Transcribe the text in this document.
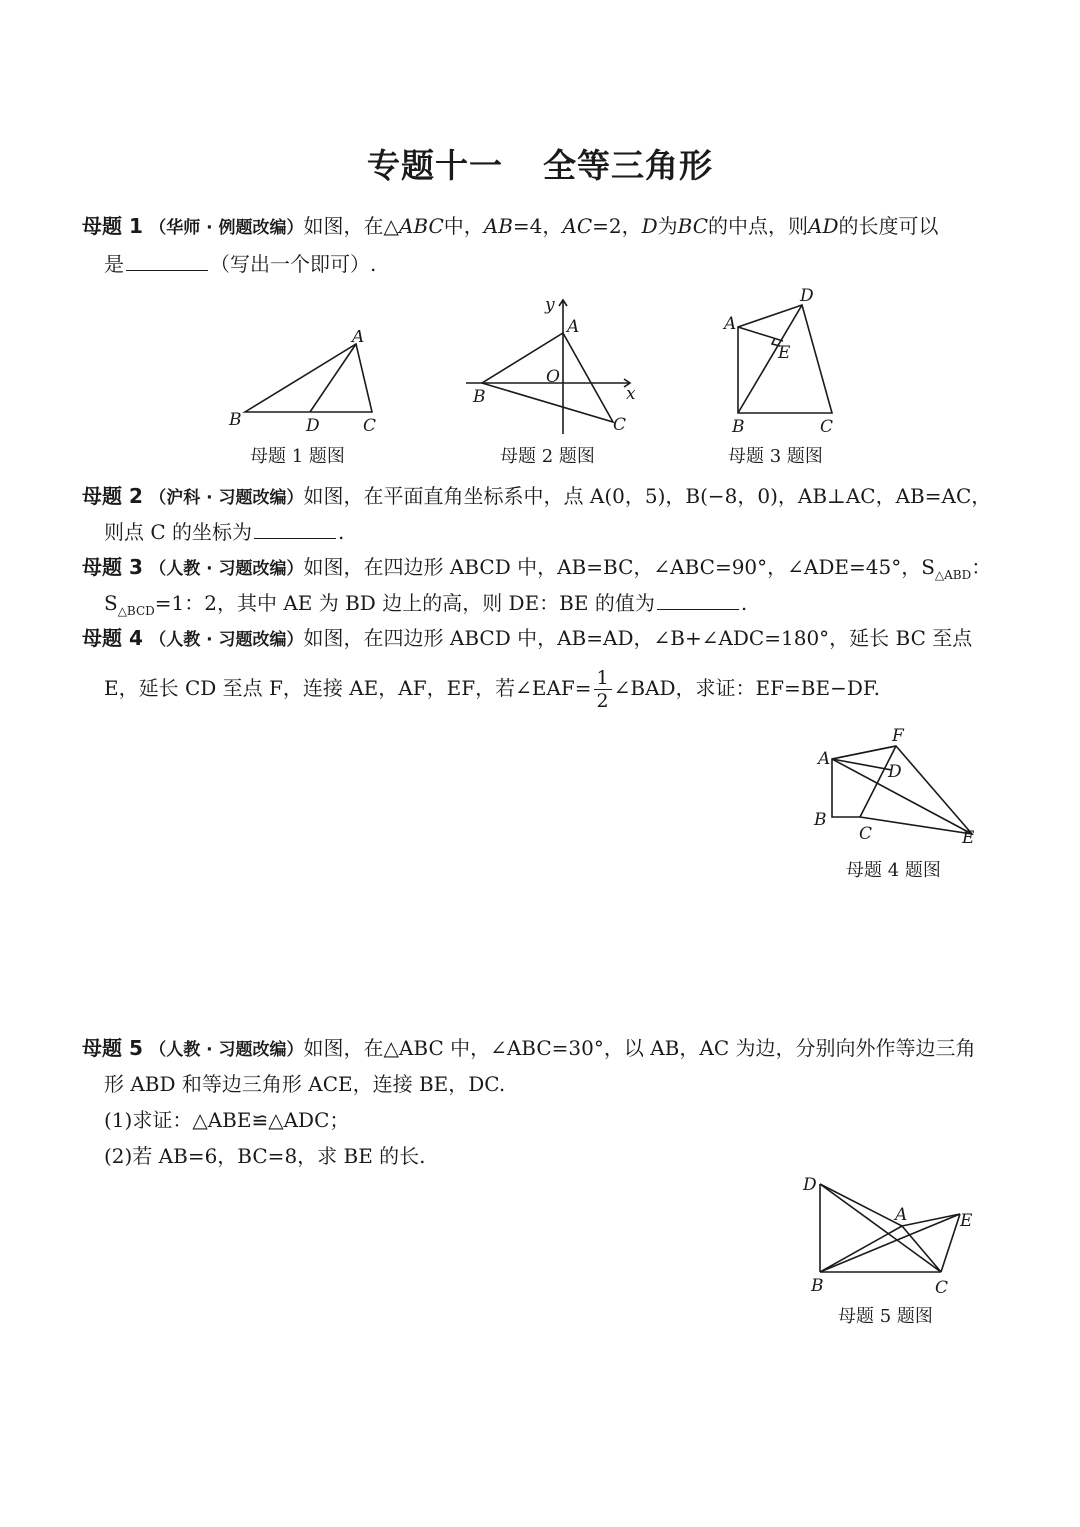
专题十一 全等三角形
母题 1 （华师 · 例题改编）如图，在△ABC中，AB=4，AC=2，D为BC的中点，则AD的长度可以
是	（写出一个即可）.
A
B	C
D
母题 1 题图
A
B
C
O
x
y
母题 2 题图
A
D
E
B	C
母题 3 题图
母题 2 （沪科 · 习题改编）如图，在平面直角坐标系中，点 A(0，5)，B(−8，0)，AB⊥AC，AB=AC，
则点 C 的坐标为	.
母题 3 （人教 · 习题改编）如图，在四边形 ABCD 中，AB=BC，∠ABC=90°，∠ADE=45°，$S_{\triangle ABD}$：
$S_{\triangle BCD}=1$：2，其中 AE 为 BD 边上的高，则 DE：BE 的值为	.
母题 4 （人教 · 习题改编）如图，在四边形 ABCD 中，AB=AD，∠B+∠ADC=180°，延长 BC 至点
E，延长 CD 至点 F，连接 AE，AF，EF，若∠EAF= $\frac{1}{2}$ ∠BAD，求证：EF=BE−DF.
A
F
D
B
C	E
母题 4 题图
母题 5 （人教 · 习题改编）如图，在△ABC 中，∠ABC=30°，以 AB，AC 为边，分别向外作等边三角
形 ABD 和等边三角形 ACE，连接 BE，DC.
(1)求证：△ABE≌△ADC；
(2)若 AB=6，BC=8，求 BE 的长.
D
A	E
B	C
母题 5 题图
